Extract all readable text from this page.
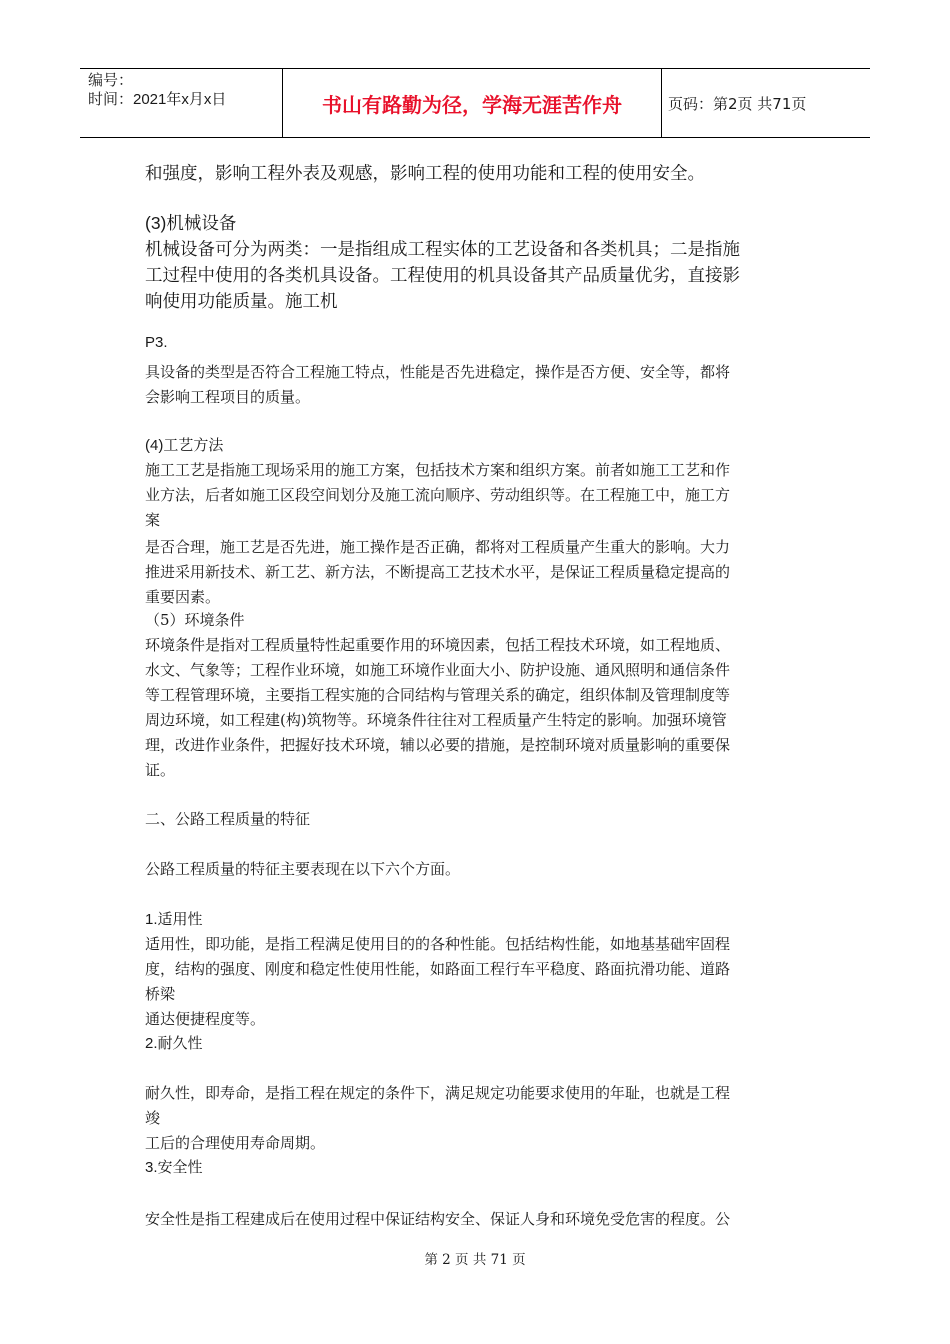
编号：
时间：2021年x月x日	书山有路勤为径，学海无涯苦作舟	页码：第2页 共71页
和强度，影响工程外表及观感，影响工程的使用功能和工程的使用安全。
(3)机械设备
机械设备可分为两类：一是指组成工程实体的工艺设备和各类机具；二是指施
工过程中使用的各类机具设备。工程使用的机具设备其产品质量优劣，直接影
响使用功能质量。施工机
P3.
具设备的类型是否符合工程施工特点，性能是否先进稳定，操作是否方便、安全等，都将
会影响工程项目的质量。
(4)工艺方法
施工工艺是指施工现场采用的施工方案，包括技术方案和组织方案。前者如施工工艺和作
业方法，后者如施工区段空间划分及施工流向顺序、劳动组织等。在工程施工中，施工方
案
是否合理，施工艺是否先进，施工操作是否正确，都将对工程质量产生重大的影响。大力
推进采用新技术、新工艺、新方法，不断提高工艺技术水平，是保证工程质量稳定提高的
重要因素。
（5）环境条件
环境条件是指对工程质量特性起重要作用的环境因素，包括工程技术环境，如工程地质、
水文、气象等；工程作业环境，如施工环境作业面大小、防护设施、通风照明和通信条件
等工程管理环境，主要指工程实施的合同结构与管理关系的确定，组织体制及管理制度等
周边环境，如工程建(构)筑物等。环境条件往往对工程质量产生特定的影响。加强环境管
理，改进作业条件，把握好技术环境，辅以必要的措施，是控制环境对质量影响的重要保
证。
二、公路工程质量的特征
公路工程质量的特征主要表现在以下六个方面。
1.适用性
适用性，即功能，是指工程满足使用目的的各种性能。包括结构性能，如地基基础牢固程
度，结构的强度、刚度和稳定性使用性能，如路面工程行车平稳度、路面抗滑功能、道路
桥梁
通达便捷程度等。
2.耐久性
耐久性，即寿命，是指工程在规定的条件下，满足规定功能要求使用的年耻，也就是工程
竣
工后的合理使用寿命周期。
3.安全性
安全性是指工程建成后在使用过程中保证结构安全、保证人身和环境免受危害的程度。公
第 2 页 共 71 页
